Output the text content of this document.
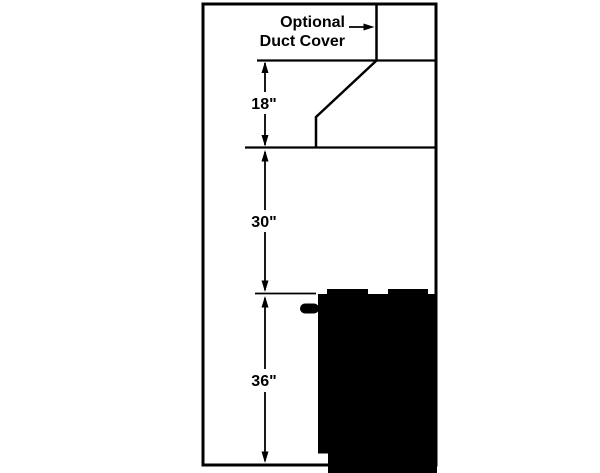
18"
30"
36"
Optional
Duct Cover
